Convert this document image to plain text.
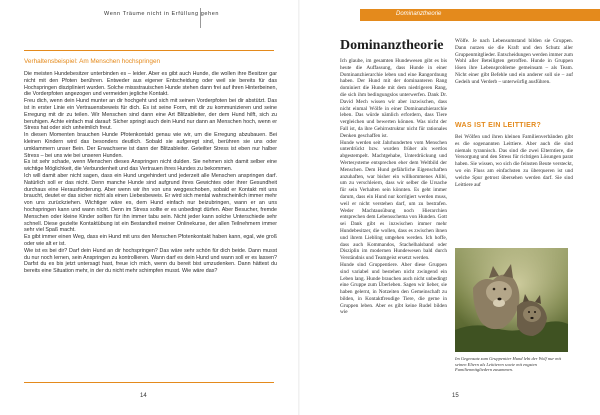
Wenn Träume nicht in Erfüllung gehen
Verhaltensbeispiel: Am Menschen hochspringen

Die meisten Hundebesitzer unterbinden es – leider. Aber es gibt auch Hunde, die wollen ihre Besitzer gar nicht mit den Pfoten berühren. Entweder aus eigener Entscheidung oder weil sie bereits für das Hochspringen diszipliniert wurden. Solche missstrauischen Hunde stehen dann frei auf ihren Hinterbeinen, die Vorderpfoten angezogen und vermeiden jegliche Kontakt.

Freu dich, wenn dein Hund munter an dir hochgeht und sich mit seinen Vorderpfoten bei dir abstützt. Das ist in erster Linie ein Vertrauensbeweis für dich. Es ist seine Form, mit dir zu kommunizieren und seine Erregung mit dir zu teilen. Wir Menschen sind dann eine Art Blitzableiter, der dem Hund hilft, sich zu beruhigen. Achte einfach mal darauf: Sicher springt auch dein Hund nur dann an Menschen hoch, wenn er Stress hat oder sich unheimlich freut.

In diesen Momenten brauchen Hunde Pfotenkontakt genau wie wir, um die Erregung abzubauen. Bei kleinen Kindern wird das besonders deutlich. Sobald sie aufgeregt sind, berühren sie uns oder umklammern unser Bein. Der Erwachsene ist dann der Blitzableiter. Geteilter Stress ist eben nur halber Stress – bei uns wie bei unseren Hunden.

Es ist sehr schade, wenn Menschen dieses Anspringen nicht dulden. Sie nehmen sich damit selber eine wichtige Möglichkeit, die Verbundenheit und das Vertrauen ihres Hundes zu bekommen.

Ich will damit aber nicht sagen, dass ein Hund ungehindert und jederzeit alle Menschen anspringen darf. Natürlich soll er das nicht. Denn manche Hunde sind aufgrund ihres Gewichtes oder ihrer Gesundheit durchaus eine Herausforderung. Aber wenn wir ihn von uns weggeschoben, sobald er Kontakt mit uns braucht, deutet er das sicher nicht als einen Liebesbeweis. Er wird sich mental wahrscheinlich immer mehr von uns zurückziehen. Wichtiger wäre es, dem Hund einfach nur beizubringen, wann er an uns hochspringen kann und wann nicht. Denn im Stress sollte er es unbedingt dürfen. Aber Besucher, fremde Menschen oder kleine Kinder sollten für ihn immer tabu sein. Nicht jeder kann solche Unterschiede sehr schnell. Diese gezielte Kontaktübung ist ein Bestandteil meiner Onlinekurse, der allen Teilnehmern immer sehr viel Spaß macht.

Es gibt immer einen Weg, dass ein Hund mit uns den Menschen Pfotenkontakt haben kann, egal, wie groß oder wie alt er ist.

Wie ist es bei dir? Darf dein Hund an dir hochspringen? Das wäre sehr schön für dich beide. Dann musst du nur noch lernen, sein Anspringen zu kontrollieren. Wann darf es dein Hund und wann soll er es lassen? Darfst du es bis jetzt untersagt hast, freue ich mich, wenn du bereit bist umzudenken. Dann hättest du bereits eine Situation mehr, in der du nicht mehr schimpfen musst. Wie wäre das?

14
Dominanztheorie
Dominanztheorie

Ich glaube, im gesamten Hundewesen gibt es bis heute die Auffassung, dass Hunde in einer Dominanzhierarchie leben und eine Rangordnung haben. Der Hund mit der dominanteren Rang dominiert die Hunde mit dem niedrigeren Rang, die sich ihm bedingungslos unterwerfen. Dank Dr. David Mech wissen wir aber inzwischen, dass nicht einmal Wölfe in einer Dominanzhierarchie leben. Das würde nämlich erfordern, dass Tiere vergleichen und bewerten können. Was nicht der Fall ist, da ihre Gehirnstruktur nicht für rationales Denken geschaffen ist.

Hunde werden seit Jahrhunderten vom Menschen unterdrückt bzw. wurden früher als wertlos abgestempelt. Machtgehabe, Unterdrückung und Wertesysteme entsprechen eher dem Weltbild der Menschen. Dem Hund gefährliche Eigenschaften anzuhaften, war bisher ein willkommenes Alibi, um zu verschleiern, dass wir selber die Ursache für sein Verhalten sein könnten. Es geht immer darum, dass ein Hund nur korrigiert werden muss, weil er nicht verstehen darf, um zu bestrafen. Weder Machtausübung noch Hierarchien entsprechen dem Lebensschema von Hunden. Gott sei Dank gibt es inzwischen immer mehr Hundebesitzer, die wollen, dass es zwischen ihnen und ihrem Liebling umgehen werden. Ich hoffe, dass auch Kommandos, Stachelhalsband oder Disziplin im modernen Hundewesen bald durch Verständnis und Teamgeist ersetzt werden.

Hunde sind Gruppentiere. Aber diese Gruppen sind variabel und bestehen nicht zwingend ein Leben lang. Hunde brauchen auch nicht unbedingt eine Gruppe zum Überleben. Sagen wir lieber, sie haben gelernt, in Notzeiten den Gemeinschaft zu bilden, in Kontaktfreudige Tiere, die gerne in Gruppen leben. Aber es gibt keine Rudel bilden wie

Wölfe. Je nach Lebensumstand bilden sie Gruppen. Dann nutzen sie die Kraft und den Schutz aller Gruppenmitglieder. Entscheidungen werden immer zum Wohl aller Beteiligten getroffen. Hunde in Gruppen lösen ihre Lebensprobleme gemeinsam – als Team. Nicht einer gibt Befehle und ein anderer soll sie – auf Gedeih und Verderb – unterwürfig ausführen.

WAS IST EIN LEITTIER?

Bei Wölfen und ihren kleinen Familienverbänden gibt es die sogenannten Leittiere. Aber auch die sind niemals tyrannisch. Das sind die zwei Elterntiere, die Versorgung und den Stress für richtigen Lösungen parat haben. Sie wissen, wo sich die feinsten Beute versteckt, wo ein Fluss am einfachsten zu überqueren ist und welche Spur getrost übersehen werden darf. Sie sind Leittiere auf

Im Gegensatz zum Gruppentier Hund lebt der Wolf nur mit seinen Eltern als Leittieren sowie mit engsten Familienmitgliedern zusammen.
15
